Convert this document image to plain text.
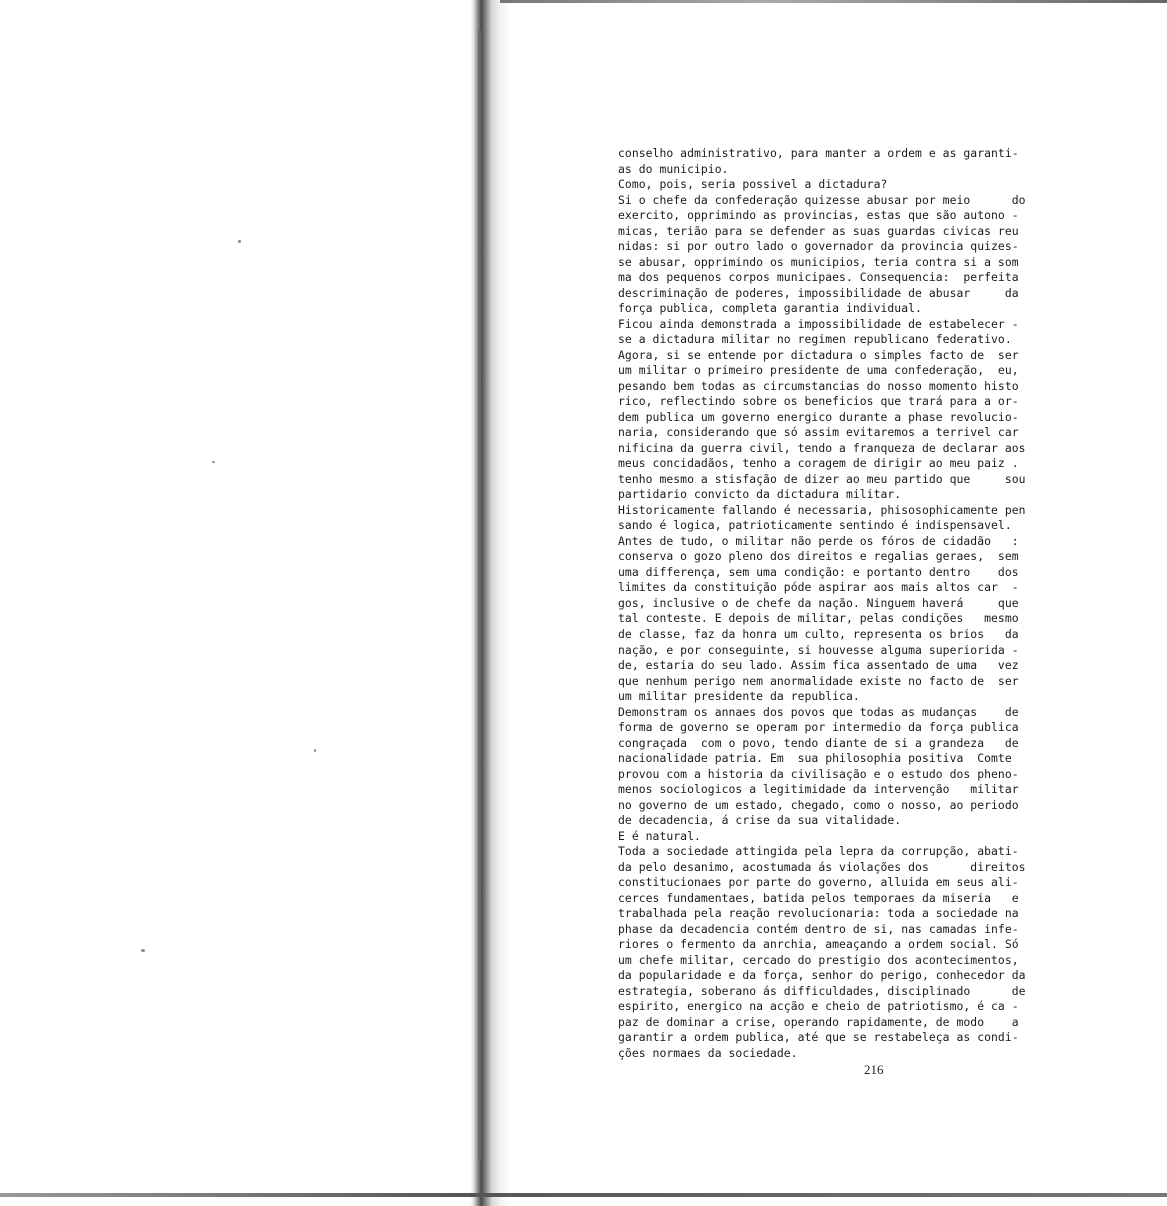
conselho administrativo, para manter a ordem e as garanti-
as do municipio.
Como, pois, seria possivel a dictadura?
Si o chefe da confederação quizesse abusar por meio      do
exercito, opprimindo as provincias, estas que são autono -
micas, terião para se defender as suas guardas civicas reu
nidas: si por outro lado o governador da provincia quizes-
se abusar, opprimindo os municipios, teria contra si a som
ma dos pequenos corpos municipaes. Consequencia:  perfeita
descriminação de poderes, impossibilidade de abusar     da
força publica, completa garantia individual.
Ficou ainda demonstrada a impossibilidade de estabelecer -
se a dictadura militar no regimen republicano federativo.
Agora, si se entende por dictadura o simples facto de  ser
um militar o primeiro presidente de uma confederação,  eu,
pesando bem todas as circumstancias do nosso momento histo
rico, reflectindo sobre os beneficios que trará para a or-
dem publica um governo energico durante a phase revolucio-
naria, considerando que só assim evitaremos a terrivel car
nificina da guerra civil, tendo a franqueza de declarar aos
meus concidadãos, tenho a coragem de dirigir ao meu paiz .
tenho mesmo a stisfação de dizer ao meu partido que     sou
partidario convicto da dictadura militar.
Historicamente fallando é necessaria, phisosophicamente pen
sando é logica, patrioticamente sentindo é indispensavel.
Antes de tudo, o militar não perde os fóros de cidadão   :
conserva o gozo pleno dos direitos e regalias geraes,  sem
uma differença, sem uma condição: e portanto dentro    dos
limites da constituição póde aspirar aos mais altos car  -
gos, inclusive o de chefe da nação. Ninguem haverá     que
tal conteste. E depois de militar, pelas condições   mesmo
de classe, faz da honra um culto, representa os brios   da
nação, e por conseguinte, si houvesse alguma superiorida -
de, estaria do seu lado. Assim fica assentado de uma   vez
que nenhum perigo nem anormalidade existe no facto de  ser
um militar presidente da republica.
Demonstram os annaes dos povos que todas as mudanças    de
forma de governo se operam por intermedio da força publica
congraçada  com o povo, tendo diante de si a grandeza   de
nacionalidade patria. Em  sua philosophia positiva  Comte
provou com a historia da civilisação e o estudo dos pheno-
menos sociologicos a legitimidade da intervenção   militar
no governo de um estado, chegado, como o nosso, ao periodo
de decadencia, á crise da sua vitalidade.
E é natural.
Toda a sociedade attingida pela lepra da corrupção, abati-
da pelo desanimo, acostumada ás violações dos      direitos
constitucionaes por parte do governo, alluida em seus ali-
cerces fundamentaes, batida pelos temporaes da miseria   e
trabalhada pela reação revolucionaria: toda a sociedade na
phase da decadencia contém dentro de si, nas camadas infe-
riores o fermento da anrchia, ameaçando a ordem social. Só
um chefe militar, cercado do prestigio dos acontecimentos,
da popularidade e da força, senhor do perigo, conhecedor da
estrategia, soberano ás difficuldades, disciplinado      de
espirito, energico na acção e cheio de patriotismo, é ca -
paz de dominar a crise, operando rapidamente, de modo    a
garantir a ordem publica, até que se restabeleça as condi-
ções normaes da sociedade.
216
